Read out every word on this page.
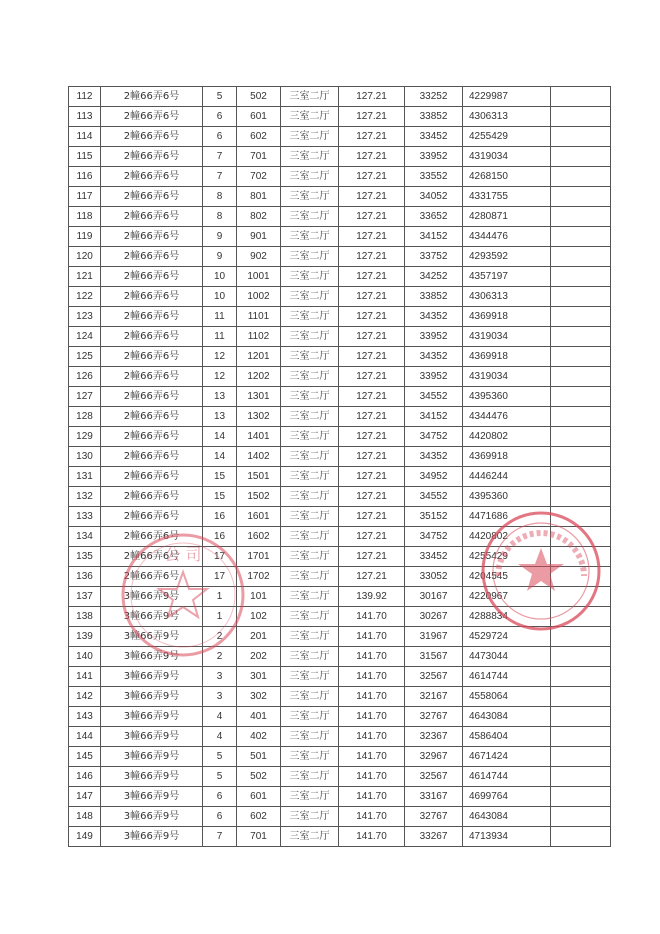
112	2幢66弄6号	5	502	三室二厅	127.21	33252	4229987	
113	2幢66弄6号	6	601	三室二厅	127.21	33852	4306313	
114	2幢66弄6号	6	602	三室二厅	127.21	33452	4255429	
115	2幢66弄6号	7	701	三室二厅	127.21	33952	4319034	
116	2幢66弄6号	7	702	三室二厅	127.21	33552	4268150	
117	2幢66弄6号	8	801	三室二厅	127.21	34052	4331755	
118	2幢66弄6号	8	802	三室二厅	127.21	33652	4280871	
119	2幢66弄6号	9	901	三室二厅	127.21	34152	4344476	
120	2幢66弄6号	9	902	三室二厅	127.21	33752	4293592	
121	2幢66弄6号	10	1001	三室二厅	127.21	34252	4357197	
122	2幢66弄6号	10	1002	三室二厅	127.21	33852	4306313	
123	2幢66弄6号	11	1101	三室二厅	127.21	34352	4369918	
124	2幢66弄6号	11	1102	三室二厅	127.21	33952	4319034	
125	2幢66弄6号	12	1201	三室二厅	127.21	34352	4369918	
126	2幢66弄6号	12	1202	三室二厅	127.21	33952	4319034	
127	2幢66弄6号	13	1301	三室二厅	127.21	34552	4395360	
128	2幢66弄6号	13	1302	三室二厅	127.21	34152	4344476	
129	2幢66弄6号	14	1401	三室二厅	127.21	34752	4420802	
130	2幢66弄6号	14	1402	三室二厅	127.21	34352	4369918	
131	2幢66弄6号	15	1501	三室二厅	127.21	34952	4446244	
132	2幢66弄6号	15	1502	三室二厅	127.21	34552	4395360	
133	2幢66弄6号	16	1601	三室二厅	127.21	35152	4471686	
134	2幢66弄6号	16	1602	三室二厅	127.21	34752	4420802	
135	2幢66弄6号	17	1701	三室二厅	127.21	33452	4255429	
136	2幢66弄6号	17	1702	三室二厅	127.21	33052	4204545	
137	3幢66弄9号	1	101	三室二厅	139.92	30167	4220967	
138	3幢66弄9号	1	102	三室二厅	141.70	30267	4288834	
139	3幢66弄9号	2	201	三室二厅	141.70	31967	4529724	
140	3幢66弄9号	2	202	三室二厅	141.70	31567	4473044	
141	3幢66弄9号	3	301	三室二厅	141.70	32567	4614744	
142	3幢66弄9号	3	302	三室二厅	141.70	32167	4558064	
143	3幢66弄9号	4	401	三室二厅	141.70	32767	4643084	
144	3幢66弄9号	4	402	三室二厅	141.70	32367	4586404	
145	3幢66弄9号	5	501	三室二厅	141.70	32967	4671424	
146	3幢66弄9号	5	502	三室二厅	141.70	32567	4614744	
147	3幢66弄9号	6	601	三室二厅	141.70	33167	4699764	
148	3幢66弄9号	6	602	三室二厅	141.70	32767	4643084	
149	3幢66弄9号	7	701	三室二厅	141.70	33267	4713934	
公 司
